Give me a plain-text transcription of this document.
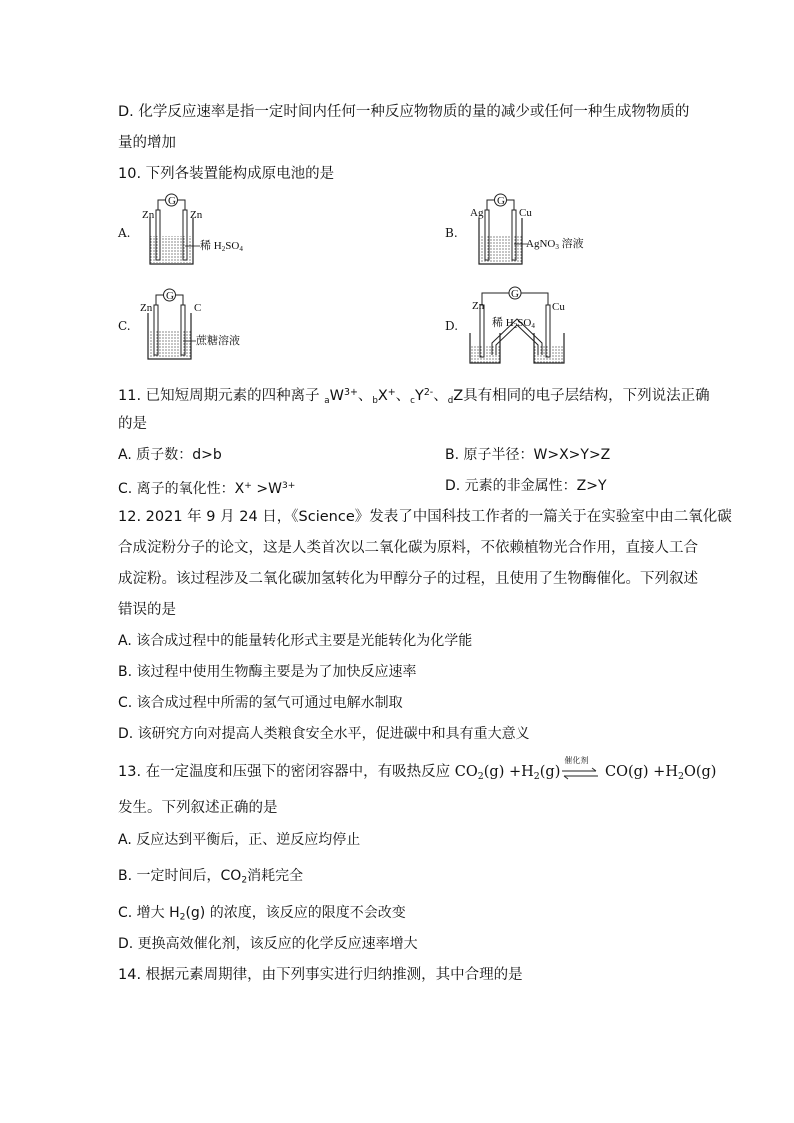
D. 化学反应速率是指一定时间内任何一种反应物物质的量的减少或任何一种生成物物质的
量的增加
10. 下列各装置能构成原电池的是
A.
G
Zn	Zn
稀 $H_2SO_4$
B.
G
Ag	Cu
AgNO$_3$ 溶液
C.
G
Zn	C
蔗糖溶液
D.
G
Zn	Cu
稀 $H_2SO_4$
11. 已知短周期元素的四种离子 $_aW^{3+}$、$_b$X+、$_cY^{2-}$、$_d$Z具有相同的电子层结构，下列说法正确
的是
A. 质子数：d>b	B. 原子半径：W>X>Y>Z
C. 离子的氧化性：$X^+ >W^{3+}$	D. 元素的非金属性：Z>Y
12. 2021 年 9 月 24 日，《Science》发表了中国科技工作者的一篇关于在实验室中由二氧化碳
合成淀粉分子的论文，这是人类首次以二氧化碳为原料，不依赖植物光合作用，直接人工合
成淀粉。该过程涉及二氧化碳加氢转化为甲醇分子的过程，且使用了生物酶催化。下列叙述
错误的是
A. 该合成过程中的能量转化形式主要是光能转化为化学能
B. 该过程中使用生物酶主要是为了加快反应速率
C. 该合成过程中所需的氢气可通过电解水制取
D. 该研究方向对提高人类粮食安全水平，促进碳中和具有重大意义
13. 在一定温度和压强下的密闭容器中，有吸热反应 $CO_2(g) +H_2(g)$
催化剂
$CO(g) +H_2O(g)$
发生。下列叙述正确的是
A. 反应达到平衡后，正、逆反应均停止
B. 一定时间后，$CO_2$消耗完全
C. 增大 $H_2(g)$ 的浓度，该反应的限度不会改变
D. 更换高效催化剂，该反应的化学反应速率增大
14. 根据元素周期律，由下列事实进行归纳推测，其中合理的是
